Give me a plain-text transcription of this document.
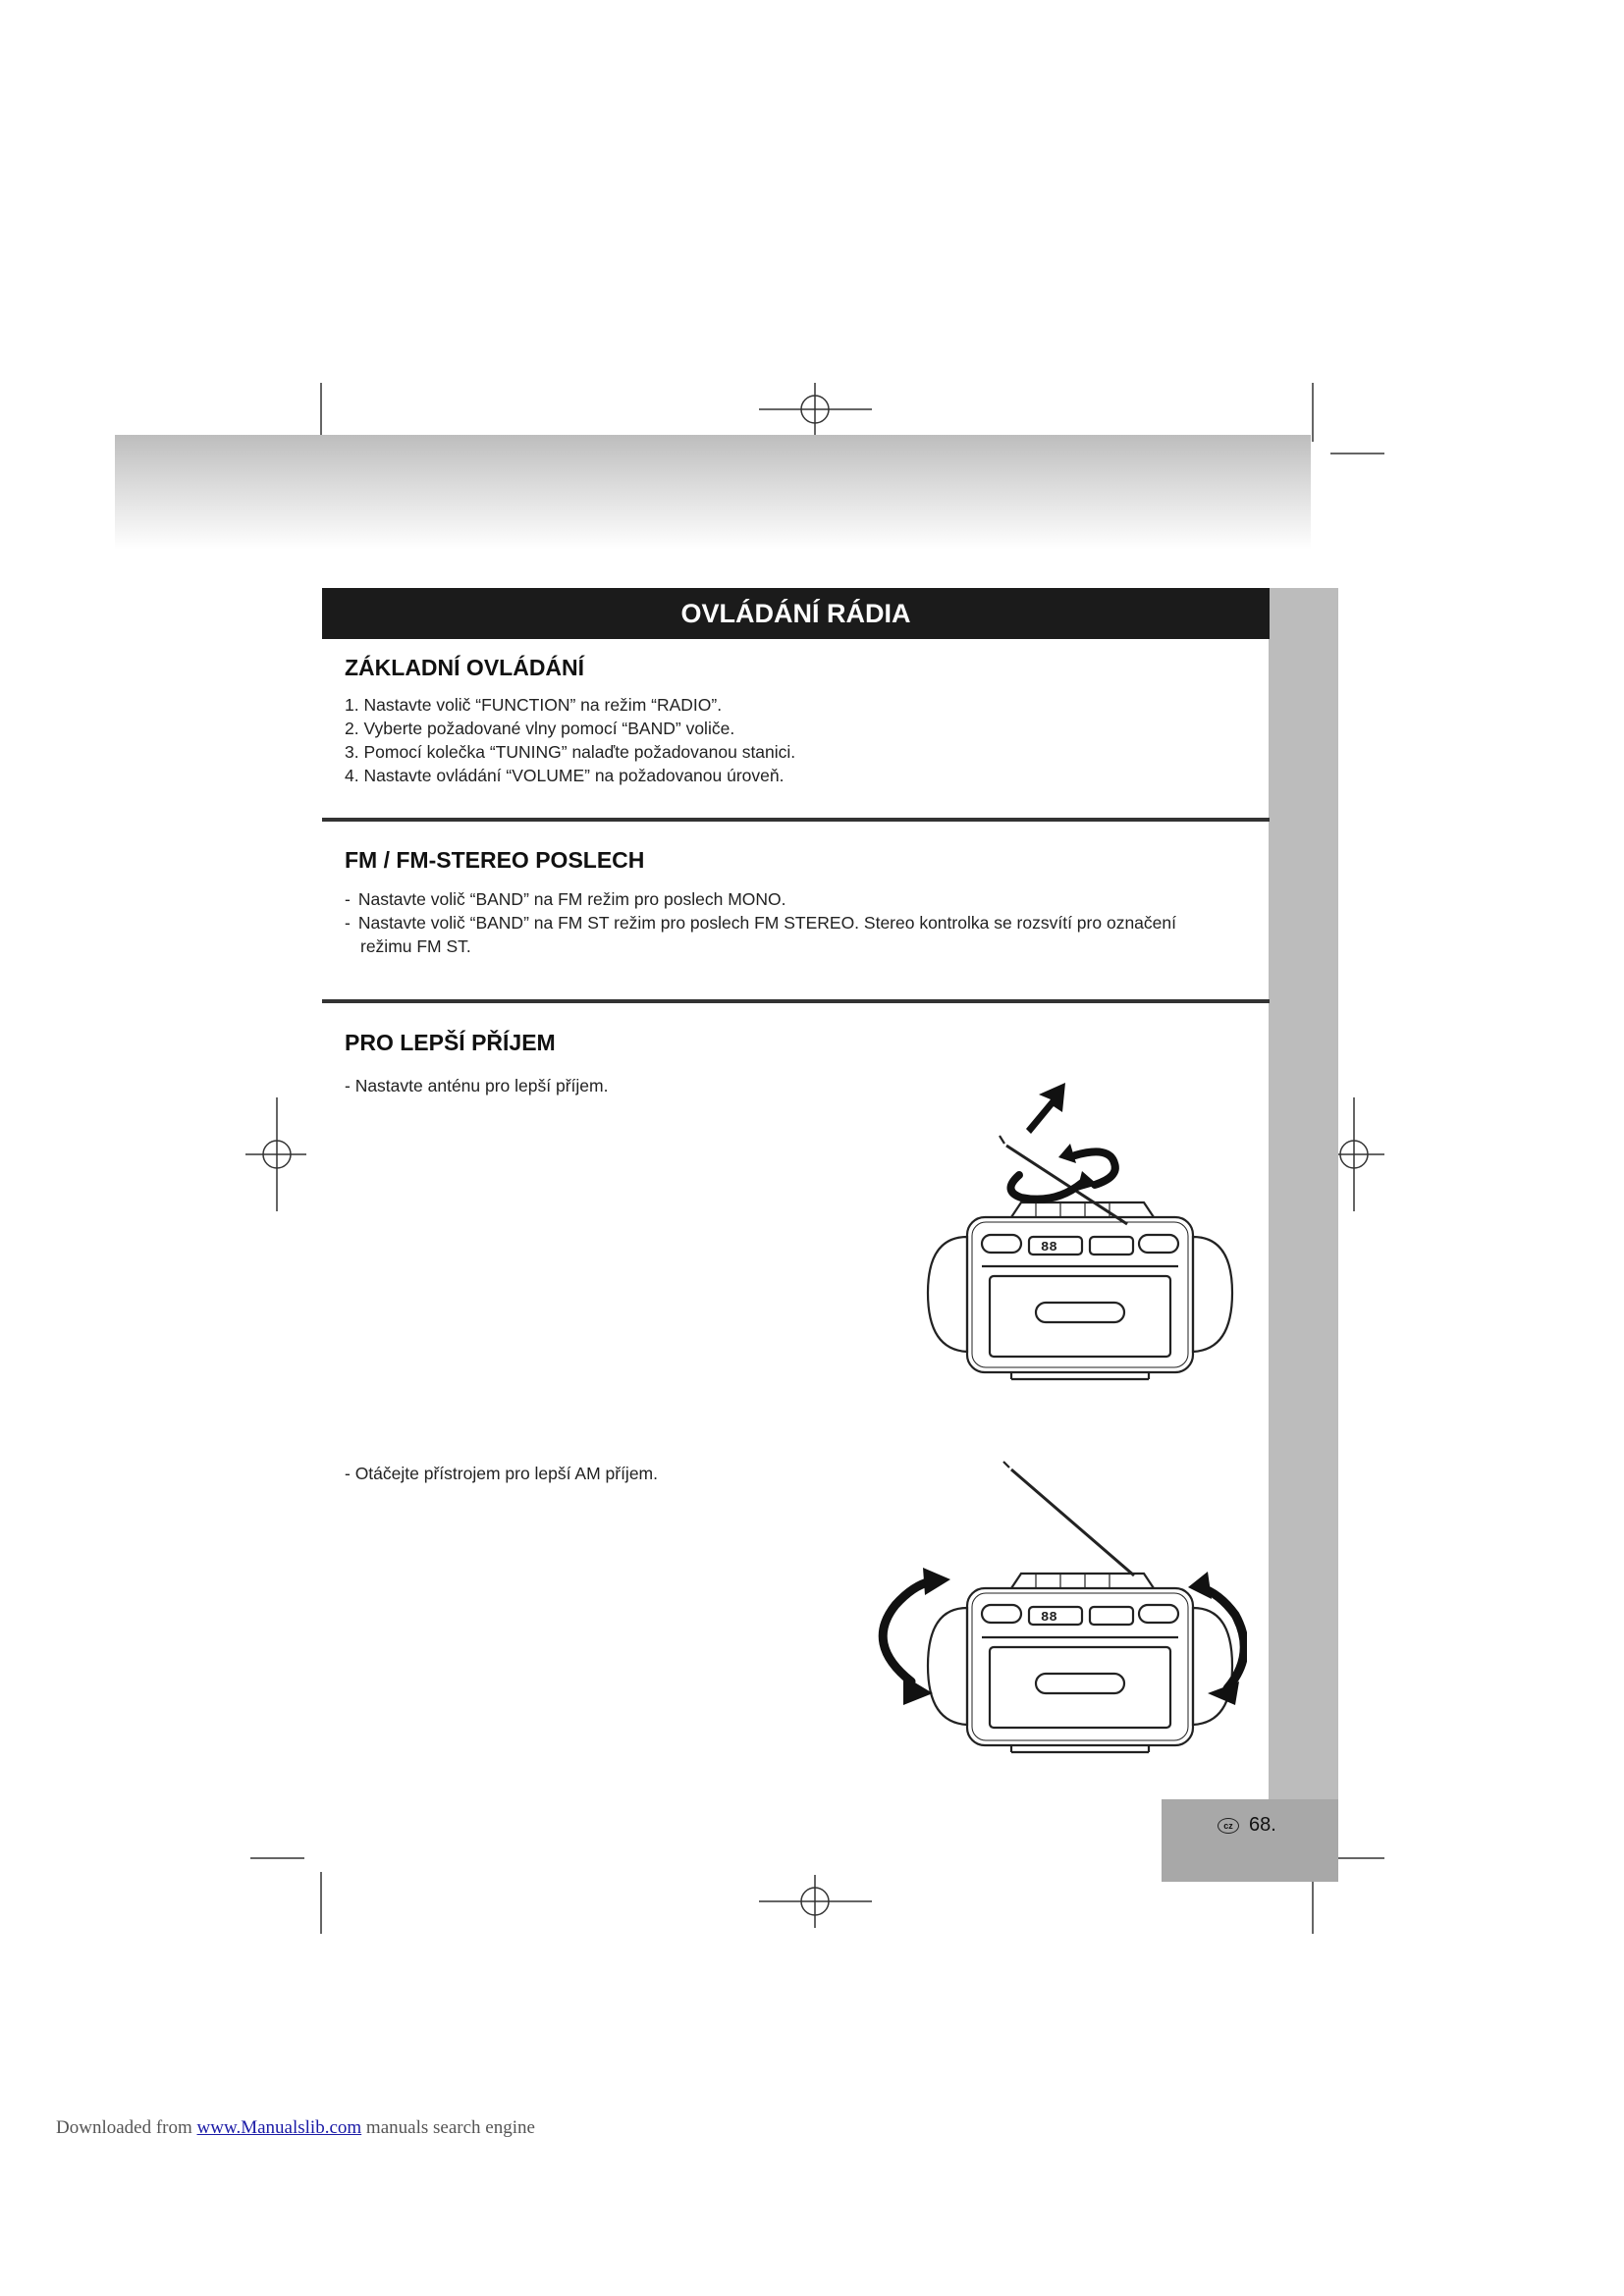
cz 68.
OVLÁDÁNÍ RÁDIA
ZÁKLADNÍ OVLÁDÁNÍ
1. Nastavte volič “FUNCTION” na režim “RADIO”.
2. Vyberte požadované vlny pomocí “BAND” voliče.
3. Pomocí kolečka “TUNING” nalaďte požadovanou stanici.
4. Nastavte ovládání “VOLUME” na požadovanou úroveň.
FM / FM-STEREO POSLECH
- Nastavte volič “BAND” na FM režim pro poslech MONO.
- Nastavte volič “BAND” na FM ST režim pro poslech FM STEREO. Stereo kontrolka se rozsvítí pro označení
režimu FM ST.
PRO LEPŠÍ PŘÍJEM
- Nastavte anténu pro lepší příjem.
- Otáčejte přístrojem pro lepší AM příjem.
88
88
Downloaded from www.Manualslib.com manuals search engine
